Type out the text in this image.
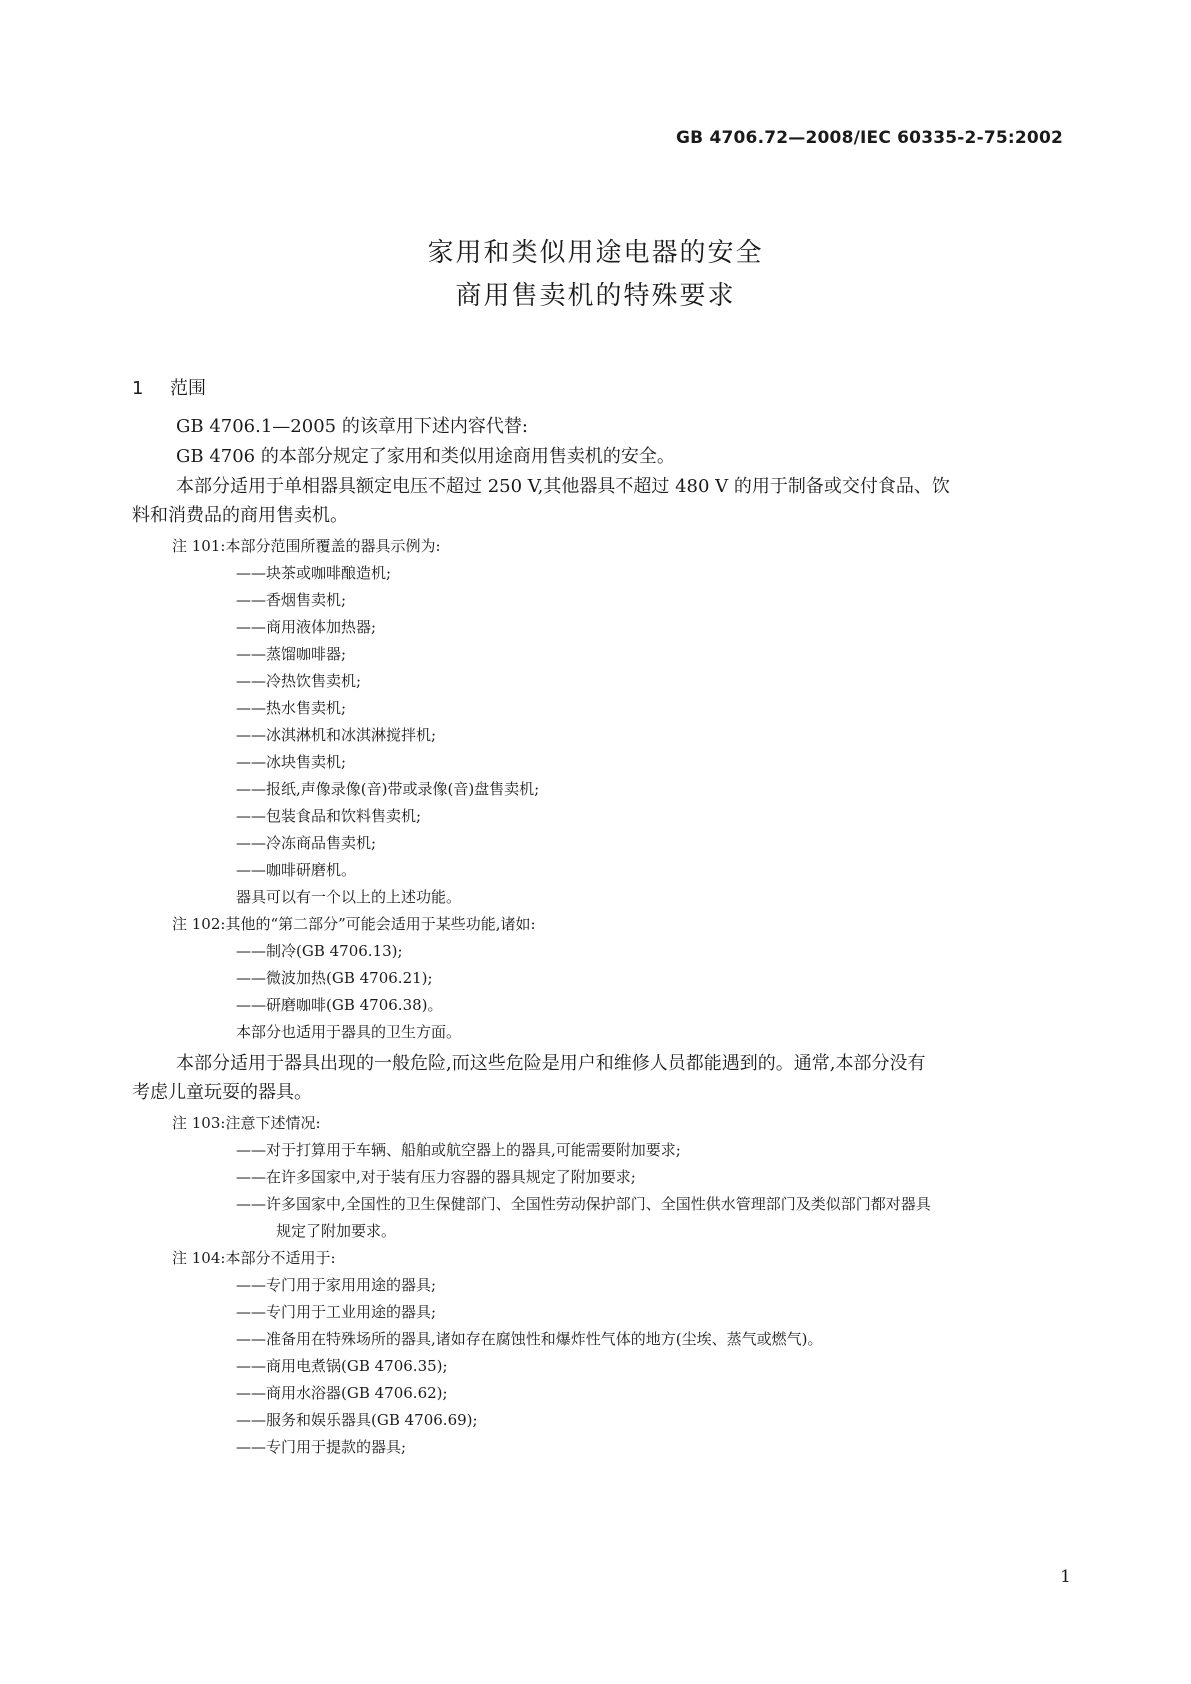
GB 4706.72—2008/IEC 60335-2-75:2002
家用和类似用途电器的安全
商用售卖机的特殊要求
1 范围
GB 4706.1—2005 的该章用下述内容代替:
GB 4706 的本部分规定了家用和类似用途商用售卖机的安全。
本部分适用于单相器具额定电压不超过 250 V,其他器具不超过 480 V 的用于制备或交付食品、饮
料和消费品的商用售卖机。
注 101:本部分范围所覆盖的器具示例为:
——块茶或咖啡酿造机;
——香烟售卖机;
——商用液体加热器;
——蒸馏咖啡器;
——冷热饮售卖机;
——热水售卖机;
——冰淇淋机和冰淇淋搅拌机;
——冰块售卖机;
——报纸,声像录像(音)带或录像(音)盘售卖机;
——包装食品和饮料售卖机;
——冷冻商品售卖机;
——咖啡研磨机。
器具可以有一个以上的上述功能。
注 102:其他的“第二部分”可能会适用于某些功能,诸如:
——制冷(GB 4706.13);
——微波加热(GB 4706.21);
——研磨咖啡(GB 4706.38)。
本部分也适用于器具的卫生方面。
本部分适用于器具出现的一般危险,而这些危险是用户和维修人员都能遇到的。通常,本部分没有
考虑儿童玩耍的器具。
注 103:注意下述情况:
——对于打算用于车辆、船舶或航空器上的器具,可能需要附加要求;
——在许多国家中,对于装有压力容器的器具规定了附加要求;
——许多国家中,全国性的卫生保健部门、全国性劳动保护部门、全国性供水管理部门及类似部门都对器具
规定了附加要求。
注 104:本部分不适用于:
——专门用于家用用途的器具;
——专门用于工业用途的器具;
——准备用在特殊场所的器具,诸如存在腐蚀性和爆炸性气体的地方(尘埃、蒸气或燃气)。
——商用电煮锅(GB 4706.35);
——商用水浴器(GB 4706.62);
——服务和娱乐器具(GB 4706.69);
——专门用于提款的器具;
1
